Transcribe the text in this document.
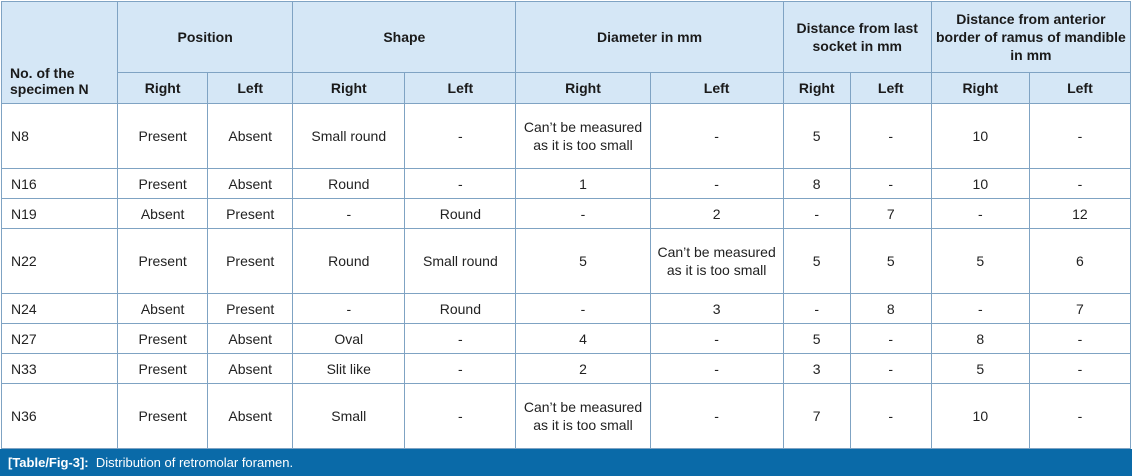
No. of the specimen N	Position		Shape		Diameter in mm		Distance from last socket in mm		Distance from anterior border of ramus of mandible in mm	
	Right	Left	Right	Left	Right	Left	Right	Left	Right	Left
N8	Present	Absent	Small round	-	Can’t be measured as it is too small	-	5	-	10	-
N16	Present	Absent	Round	-	1	-	8	-	10	-
N19	Absent	Present	-	Round	-	2	-	7	-	12
N22	Present	Present	Round	Small round	5	Can’t be measured as it is too small	5	5	5	6
N24	Absent	Present	-	Round	-	3	-	8	-	7
N27	Present	Absent	Oval	-	4	-	5	-	8	-
N33	Present	Absent	Slit like	-	2	-	3	-	5	-
N36	Present	Absent	Small	-	Can’t be measured as it is too small	-	7	-	10	-
[Table/Fig-3]: Distribution of retromolar foramen.
